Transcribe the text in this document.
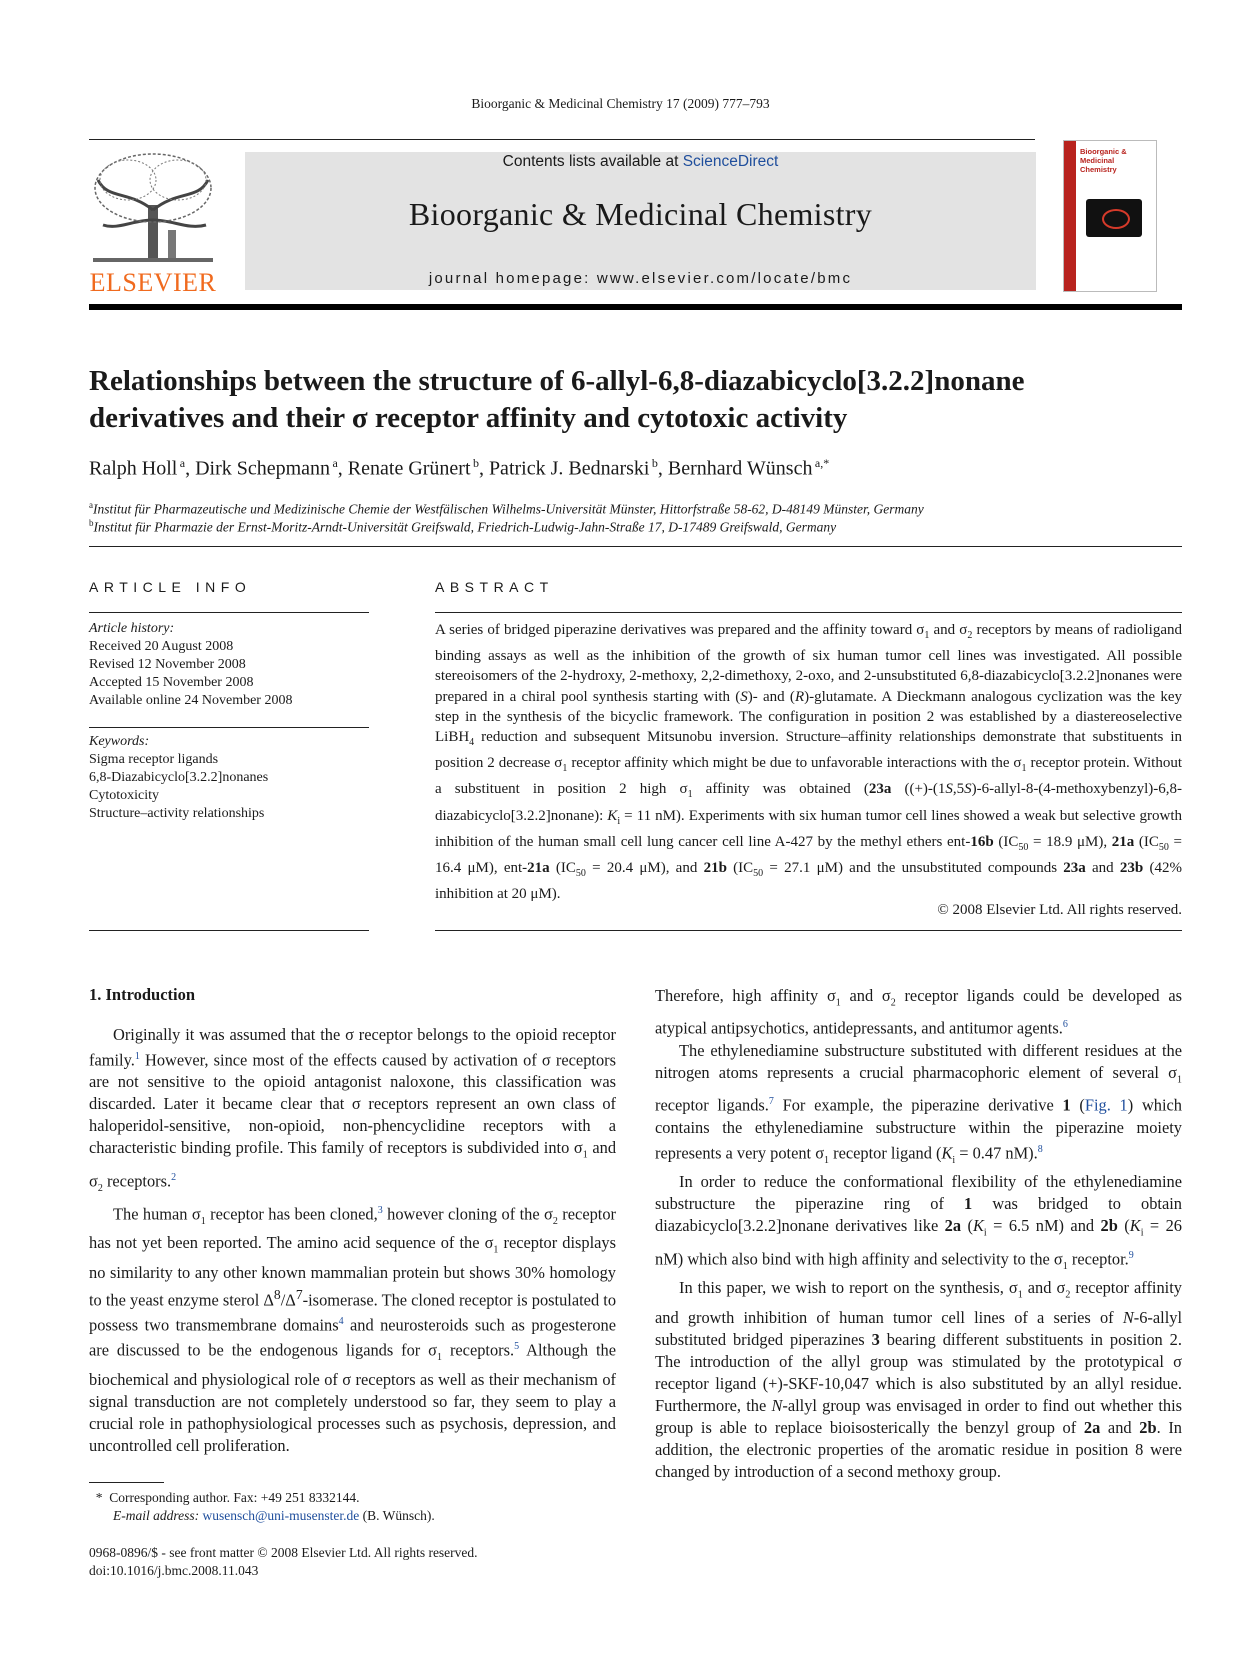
Bioorganic & Medicinal Chemistry 17 (2009) 777–793
ELSEVIER
Contents lists available at ScienceDirect
Bioorganic & Medicinal Chemistry
journal homepage: www.elsevier.com/locate/bmc
Bioorganic & Medicinal Chemistry
Relationships between the structure of 6-allyl-6,8-diazabicyclo[3.2.2]nonane
derivatives and their σ receptor affinity and cytotoxic activity
Ralph Holl  $^a$, Dirk Schepmann  $^a$, Renate Grünert  $^b$, Patrick J. Bednarski  $^b$, Bernhard Wünsch  $^{a,*}$
$^a$Institut für Pharmazeutische und Medizinische Chemie der Westfälischen Wilhelms-Universität Münster, Hittorfstraße 58-62, D-48149 Münster, Germany
$^b$Institut für Pharmazie der Ernst-Moritz-Arndt-Universität Greifswald, Friedrich-Ludwig-Jahn-Straße 17, D-17489 Greifswald, Germany
ARTICLE INFO
Article history:
Received 20 August 2008
Revised 12 November 2008
Accepted 15 November 2008
Available online 24 November 2008
Keywords:
Sigma receptor ligands
6,8-Diazabicyclo[3.2.2]nonanes
Cytotoxicity
Structure–activity relationships
ABSTRACT
A series of bridged piperazine derivatives was prepared and the affinity toward $\sigma_1$ and $\sigma_2$ receptors by means of radioligand binding assays as well as the inhibition of the growth of six human tumor cell lines was investigated. All possible stereoisomers of the 2-hydroxy, 2-methoxy, 2,2-dimethoxy, 2-oxo, and 2-unsubstituted 6,8-diazabicyclo[3.2.2]nonanes were prepared in a chiral pool synthesis starting with (S)- and (R)-glutamate. A Dieckmann analogous cyclization was the key step in the synthesis of the bicyclic framework. The configuration in position 2 was established by a diastereoselective LiBH$_4$ reduction and subsequent Mitsunobu inversion. Structure–affinity relationships demonstrate that substituents in position 2 decrease $\sigma_1$ receptor affinity which might be due to unfavorable interactions with the $\sigma_1$ receptor protein. Without a substituent in position 2 high $\sigma_1$ affinity was obtained (23a ((+)-(1S,5S)-6-allyl-8-(4-methoxybenzyl)-6,8-diazabicyclo[3.2.2]nonane): $K_i = 11$ nM). Experiments with six human tumor cell lines showed a weak but selective growth inhibition of the human small cell lung cancer cell line A-427 by the methyl ethers ent-16b ($IC_{50} = 18.9$ μM), 21a ($IC_{50} = 16.4$ μM), ent-21a ($IC_{50} = 20.4$ μM), and 21b ($IC_{50} = 27.1$ μM) and the unsubstituted compounds 23a and 23b (42% inhibition at 20 μM).
© 2008 Elsevier Ltd. All rights reserved.
1. Introduction

Originally it was assumed that the σ receptor belongs to the opioid receptor family.$^1$ However, since most of the effects caused by activation of σ receptors are not sensitive to the opioid antagonist naloxone, this classification was discarded. Later it became clear that σ receptors represent an own class of haloperidol-sensitive, non-opioid, non-phencyclidine receptors with a characteristic binding profile. This family of receptors is subdivided into $\sigma_1$ and $\sigma_2$ receptors.$^2$

The human $\sigma_1$ receptor has been cloned,$^3$ however cloning of the $\sigma_2$ receptor has not yet been reported. The amino acid sequence of the $\sigma_1$ receptor displays no similarity to any other known mammalian protein but shows 30% homology to the yeast enzyme sterol $\Delta^8/\Delta^7$-isomerase. The cloned receptor is postulated to possess two transmembrane domains$^4$ and neurosteroids such as progesterone are discussed to be the endogenous ligands for $\sigma_1$ receptors.$^5$ Although the biochemical and physiological role of σ receptors as well as their mechanism of signal transduction are not completely understood so far, they seem to play a crucial role in pathophysiological processes such as psychosis, depression, and uncontrolled cell proliferation.

*  Corresponding author. Fax: +49 251 8332144.
E-mail address: wusensch@uni-musenster.de (B. Wünsch).
0968-0896/$ - see front matter © 2008 Elsevier Ltd. All rights reserved.
doi:10.1016/j.bmc.2008.11.043

Therefore, high affinity $\sigma_1$ and $\sigma_2$ receptor ligands could be developed as atypical antipsychotics, antidepressants, and antitumor agents.$^6$

The ethylenediamine substructure substituted with different residues at the nitrogen atoms represents a crucial pharmacophoric element of several $\sigma_1$ receptor ligands.$^7$ For example, the piperazine derivative 1 (Fig. 1) which contains the ethylenediamine substructure within the piperazine moiety represents a very potent $\sigma_1$ receptor ligand ($K_i = 0.47$ nM).$^8$

In order to reduce the conformational flexibility of the ethylenediamine substructure the piperazine ring of 1 was bridged to obtain diazabicyclo[3.2.2]nonane derivatives like 2a ($K_i = 6.5$ nM) and 2b ($K_i = 26$ nM) which also bind with high affinity and selectivity to the $\sigma_1$ receptor.$^9$

In this paper, we wish to report on the synthesis, $\sigma_1$ and $\sigma_2$ receptor affinity and growth inhibition of human tumor cell lines of a series of N-6-allyl substituted bridged piperazines 3 bearing different substituents in position 2. The introduction of the allyl group was stimulated by the prototypical σ receptor ligand (+)-SKF-10,047 which is also substituted by an allyl residue. Furthermore, the N-allyl group was envisaged in order to find out whether this group is able to replace bioisosterically the benzyl group of 2a and 2b. In addition, the electronic properties of the aromatic residue in position 8 were changed by introduction of a second methoxy group.
